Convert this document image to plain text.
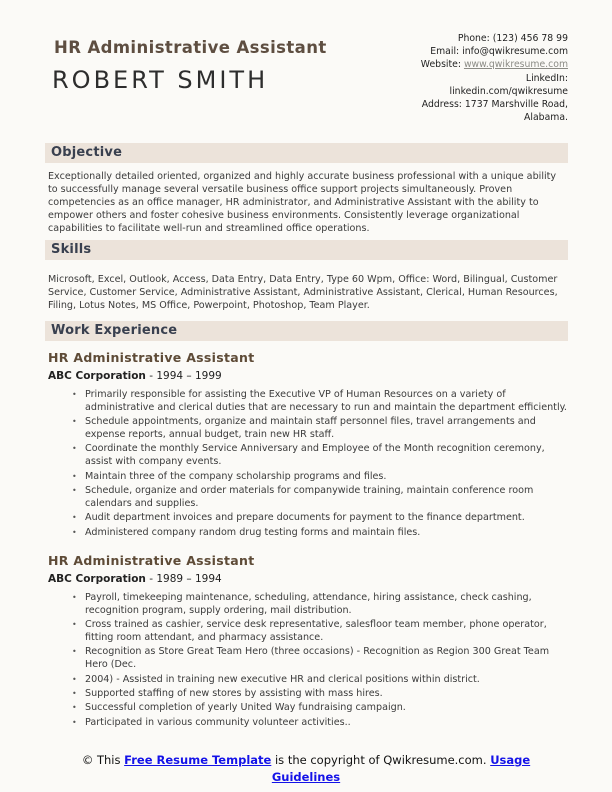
HR Administrative Assistant
ROBERT SMITH
Phone: (123) 456 78 99
Email: info@qwikresume.com
Website: www.qwikresume.com
LinkedIn:
linkedin.com/qwikresume
Address: 1737 Marshville Road,
Alabama.
Objective

Exceptionally detailed oriented, organized and highly accurate business professional with a unique ability to successfully manage several versatile business office support projects simultaneously. Proven competencies as an office manager, HR administrator, and Administrative Assistant with the ability to empower others and foster cohesive business environments. Consistently leverage organizational capabilities to facilitate well-run and streamlined office operations.

Skills

Microsoft, Excel, Outlook, Access, Data Entry, Data Entry, Type 60 Wpm, Office: Word, Bilingual, Customer Service, Customer Service, Administrative Assistant, Administrative Assistant, Clerical, Human Resources, Filing, Lotus Notes, MS Office, Powerpoint, Photoshop, Team Player.

Work Experience
HR Administrative Assistant
ABC Corporation - 1994 – 1999
• Primarily responsible for assisting the Executive VP of Human Resources on a variety of administrative and clerical duties that are necessary to run and maintain the department efficiently.
• Schedule appointments, organize and maintain staff personnel files, travel arrangements and expense reports, annual budget, train new HR staff.
• Coordinate the monthly Service Anniversary and Employee of the Month recognition ceremony, assist with company events.
• Maintain three of the company scholarship programs and files.
• Schedule, organize and order materials for companywide training, maintain conference room calendars and supplies.
• Audit department invoices and prepare documents for payment to the finance department.
• Administered company random drug testing forms and maintain files.
HR Administrative Assistant
ABC Corporation - 1989 – 1994
• Payroll, timekeeping maintenance, scheduling, attendance, hiring assistance, check cashing, recognition program, supply ordering, mail distribution.
• Cross trained as cashier, service desk representative, salesfloor team member, phone operator, fitting room attendant, and pharmacy assistance.
• Recognition as Store Great Team Hero (three occasions) - Recognition as Region 300 Great Team Hero (Dec.
• 2004) - Assisted in training new executive HR and clerical positions within district.
• Supported staffing of new stores by assisting with mass hires.
• Successful completion of yearly United Way fundraising campaign.
• Participated in various community volunteer activities..
© This Free Resume Template is the copyright of Qwikresume.com. Usage Guidelines
